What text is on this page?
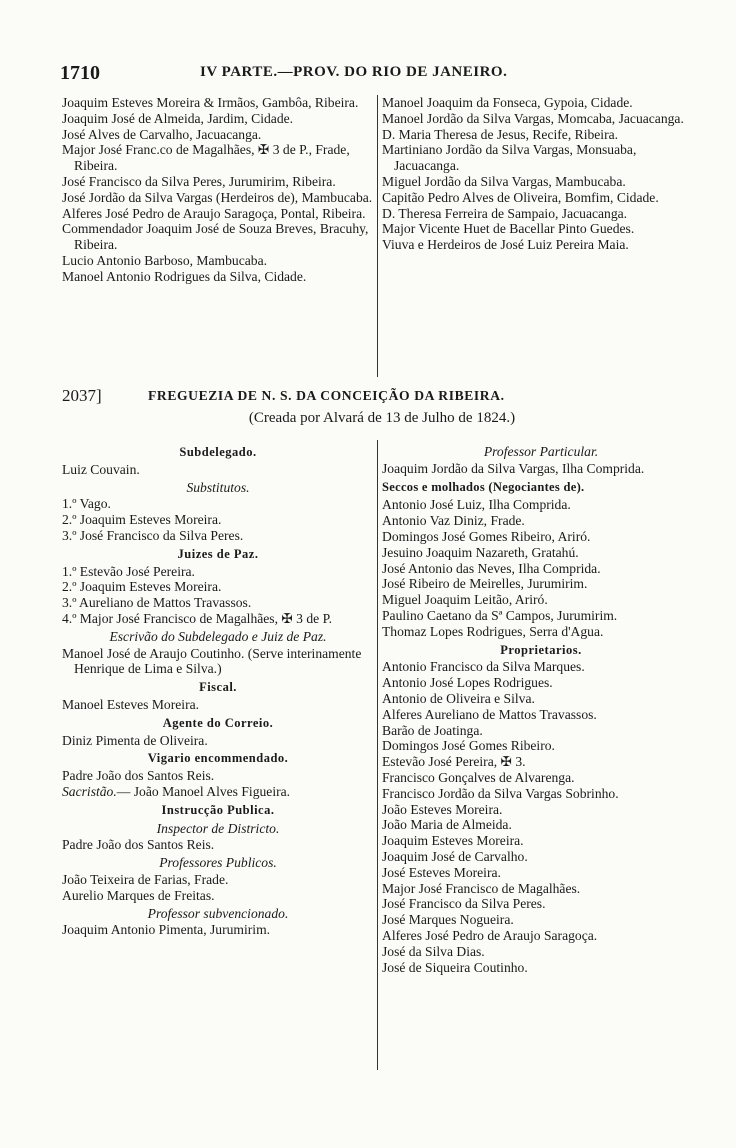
1710	IV PARTE.—PROV. DO RIO DE JANEIRO.

Joaquim Esteves Moreira & Irmãos, Gambôa, Ribeira.

Joaquim José de Almeida, Jardim, Cidade.

José Alves de Carvalho, Jacuacanga.

Major José Franc.co de Magalhães, ✠ 3 de P., Frade, Ribeira.

José Francisco da Silva Peres, Jurumirim, Ribeira.

José Jordão da Silva Vargas (Herdeiros de), Mambucaba.

Alferes José Pedro de Araujo Saragoça, Pontal, Ribeira.

Commendador Joaquim José de Souza Breves, Bracuhy, Ribeira.

Lucio Antonio Barboso, Mambucaba.

Manoel Antonio Rodrigues da Silva, Cidade.

Manoel Joaquim da Fonseca, Gypoia, Cidade.

Manoel Jordão da Silva Vargas, Momcaba, Jacuacanga.

D. Maria Theresa de Jesus, Recife, Ribeira.

Martiniano Jordão da Silva Vargas, Monsuaba, Jacuacanga.

Miguel Jordão da Silva Vargas, Mambucaba.

Capitão Pedro Alves de Oliveira, Bomfim, Cidade.

D. Theresa Ferreira de Sampaio, Jacuacanga.

Major Vicente Huet de Bacellar Pinto Guedes.

Viuva e Herdeiros de José Luiz Pereira Maia.

2037]	FREGUEZIA DE N. S. DA CONCEIÇÃO DA RIBEIRA.
(Creada por Alvará de 13 de Julho de 1824.)
Subdelegado.

Luiz Couvain.

Substitutos.

1.º Vago.

2.º Joaquim Esteves Moreira.

3.º José Francisco da Silva Peres.

Juizes de Paz.

1.º Estevão José Pereira.

2.º Joaquim Esteves Moreira.

3.º Aureliano de Mattos Travassos.

4.º Major José Francisco de Magalhães, ✠ 3 de P.

Escrivão do Subdelegado e Juiz de Paz.

Manoel José de Araujo Coutinho. (Serve interinamente Henrique de Lima e Silva.)

Fiscal.

Manoel Esteves Moreira.

Agente do Correio.

Diniz Pimenta de Oliveira.

Vigario encommendado.

Padre João dos Santos Reis.

Sacristão.— João Manoel Alves Figueira.

Instrucção Publica.
Inspector de Districto.

Padre João dos Santos Reis.

Professores Publicos.

João Teixeira de Farias, Frade.

Aurelio Marques de Freitas.

Professor subvencionado.

Joaquim Antonio Pimenta, Jurumirim.

Professor Particular.

Joaquim Jordão da Silva Vargas, Ilha Comprida.

Seccos e molhados (Negociantes de).

Antonio José Luiz, Ilha Comprida.

Antonio Vaz Diniz, Frade.

Domingos José Gomes Ribeiro, Ariró.

Jesuino Joaquim Nazareth, Gratahú.

José Antonio das Neves, Ilha Comprida.

José Ribeiro de Meirelles, Jurumirim.

Miguel Joaquim Leitão, Ariró.

Paulino Caetano da Sª Campos, Jurumirim.

Thomaz Lopes Rodrigues, Serra d'Agua.

Proprietarios.

Antonio Francisco da Silva Marques.

Antonio José Lopes Rodrigues.

Antonio de Oliveira e Silva.

Alferes Aureliano de Mattos Travassos.

Barão de Joatinga.

Domingos José Gomes Ribeiro.

Estevão José Pereira, ✠ 3.

Francisco Gonçalves de Alvarenga.

Francisco Jordão da Silva Vargas Sobrinho.

João Esteves Moreira.

João Maria de Almeida.

Joaquim Esteves Moreira.

Joaquim José de Carvalho.

José Esteves Moreira.

Major José Francisco de Magalhães.

José Francisco da Silva Peres.

José Marques Nogueira.

Alferes José Pedro de Araujo Saragoça.

José da Silva Dias.

José de Siqueira Coutinho.
